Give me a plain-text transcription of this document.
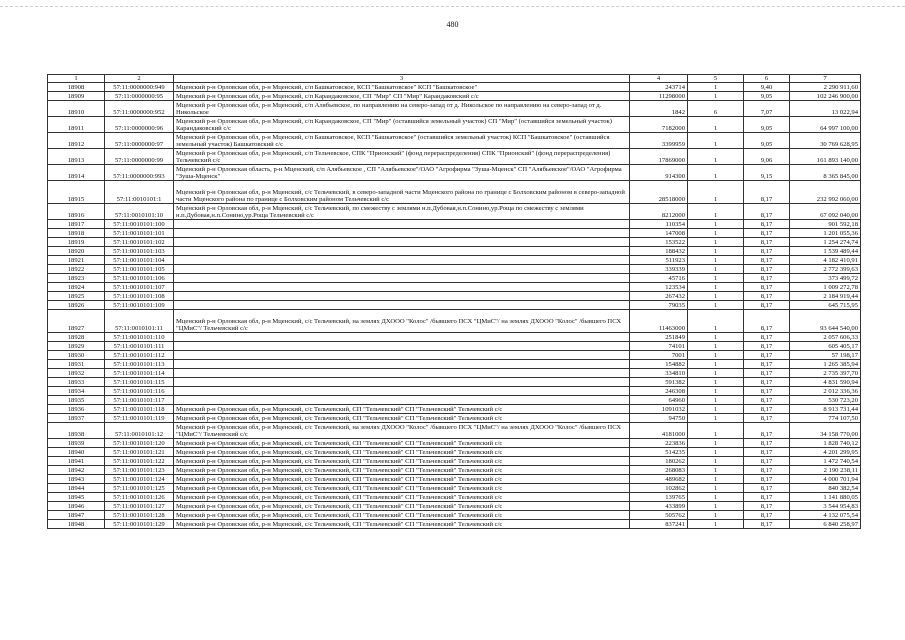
480
1	2	3	4	5	6	7
18908	57:11:0000000:949	Мценский р-н Орловская обл, р-н Мценский, с/п Башкатовское, КСП "Башкатовское" КСП "Башкатовское"	243714	1	9,40	2 290 911,60
18909	57:11:0000000:95	Мценский р-н Орловская обл, р-н Мценский, с/п Карандаковское, СП "Мир" СП "Мир" Карандаковский с/с	11298000	1	9,05	102 246 900,00
18910	57:11:0000000:952	Мценский р-н Орловская обл, р-н Мценский, с/п Алябьевское, по направлению на северо-запад от д. Никольское по направлению на северо-запад от д. Никольское	1842	6	7,07	13 022,94
18911	57:11:0000000:96	Мценский р-н Орловская обл, р-н Мценский, с/п Карандаковское, СП "Мир" (оставшийся земельный участок) СП "Мир" (оставшийся земельный участок) Карандаковский с/с	7182000	1	9,05	64 997 100,00
18912	57:11:0000000:97	Мценский р-н Орловская обл, р-н Мценский, с/п Башкатовское, КСП "Башкатовское" (оставшийся земельный участок) КСП "Башкатовское" (оставшийся земельный участок) Башкатовский с/с	3399959	1	9,05	30 769 628,95
18913	57:11:0000000:99	Мценский р-н Орловская обл, р-н Мценский, с/п Тельчевское, СПК "Прионский" (фонд перераспределения) СПК "Прионский" (фонд перераспределения) Тельчевский с/с	17869000	1	9,06	161 893 140,00
18914	57:11:0000000:993	Мценский р-н Орловская область, р-н Мценский, с/п Алябьевское , СП "Алябьевское"/ОАО "Агрофирма "Зуша-Мценск" СП "Алябьевское"/ОАО "Агрофирма "Зуша-Мценск"	914300	1	9,15	8 365 845,00
18915	57:11:0010101:1	Мценский р-н Орловская обл, р-н Мценский, с/с Тельчевский, в северо-западной части Мценского района по границе с Болховским районом в северо-западной части Мценского района по границе с Болховским районом Тельчевский с/с	28518000	1	8,17	232 992 060,00
18916	57:11:0010101:10	Мценский р-н Орловская обл, р-н Мценский, с/с Тельчевский, по смежеству с землями н.п.Дубовая,н.п.Сонино,ур.Роща по смежеству с землями н.п.Дубовая,н.п.Сонино,ур.Роща Тельчевский с/с	8212000	1	8,17	67 092 040,00
18917	57:11:0010101:100		110354	1	8,17	901 592,18
18918	57:11:0010101:101		147008	1	8,17	1 201 055,36
18919	57:11:0010101:102		153522	1	8,17	1 254 274,74
18920	57:11:0010101:103		188432	1	8,17	1 539 489,44
18921	57:11:0010101:104		511923	1	8,17	4 182 410,91
18922	57:11:0010101:105		339339	1	8,17	2 772 399,63
18923	57:11:0010101:106		45716	1	8,17	373 499,72
18924	57:11:0010101:107		123534	1	8,17	1 009 272,78
18925	57:11:0010101:108		267432	1	8,17	2 184 919,44
18926	57:11:0010101:109		79035	1	8,17	645 715,95
18927	57:11:0010101:11	Мценский р-н Орловская обл, р-н Мценский, с/с Тельчевский, на землях ДХООО "Колос" /бывшего ПСХ "ЦМиС"/ на землях ДХООО "Колос" /бывшего ПСХ "ЦМиС"/ Тельчевский с/с	11463000	1	8,17	93 644 540,00
18928	57:11:0010101:110		251849	1	8,17	2 057 606,33
18929	57:11:0010101:111		74101	1	8,17	605 405,17
18930	57:11:0010101:112		7001	1	8,17	57 198,17
18931	57:11:0010101:113		154882	1	8,17	1 265 385,94
18932	57:11:0010101:114		334810	1	8,17	2 735 397,70
18933	57:11:0010101:115		591382	1	8,17	4 831 590,94
18934	57:11:0010101:116		246308	1	8,17	2 012 336,36
18935	57:11:0010101:117		64960	1	8,17	530 723,20
18936	57:11:0010101:118	Мценский р-н Орловская обл, р-н Мценский, с/с Тельчевский, СП "Тельчевский" СП "Тельчевский" Тельчевский с/с	1091032	1	8,17	8 913 731,44
18937	57:11:0010101:119	Мценский р-н Орловская обл, р-н Мценский, с/с Тельчевский, СП "Тельчевский" СП "Тельчевский" Тельчевский с/с	94750	1	8,17	774 107,50
18938	57:11:0010101:12	Мценский р-н Орловская обл, р-н Мценский, с/с Тельчевский, на землях ДХООО "Колос" /бывшего ПСХ "ЦМиС"/ на землях ДХООО "Колос" /бывшего ПСХ "ЦМиС"/ Тельчевский с/с	4181000	1	8,17	34 158 770,00
18939	57:11:0010101:120	Мценский р-н Орловская обл, р-н Мценский, с/с Тельчевский, СП "Тельчевский" СП "Тельчевский" Тельчевский с/с	223836	1	8,17	1 828 740,12
18940	57:11:0010101:121	Мценский р-н Орловская обл, р-н Мценский, с/с Тельчевский, СП "Тельчевский" СП "Тельчевский" Тельчевский с/с	514235	1	8,17	4 201 299,95
18941	57:11:0010101:122	Мценский р-н Орловская обл, р-н Мценский, с/с Тельчевский, СП "Тельчевский" СП "Тельчевский" Тельчевский с/с	180262	1	8,17	1 472 740,54
18942	57:11:0010101:123	Мценский р-н Орловская обл, р-н Мценский, с/с Тельчевский, СП "Тельчевский" СП "Тельчевский" Тельчевский с/с	268083	1	8,17	2 190 238,11
18943	57:11:0010101:124	Мценский р-н Орловская обл, р-н Мценский, с/с Тельчевский, СП "Тельчевский" СП "Тельчевский" Тельчевский с/с	489682	1	8,17	4 000 701,94
18944	57:11:0010101:125	Мценский р-н Орловская обл, р-н Мценский, с/с Тельчевский, СП "Тельчевский" СП "Тельчевский" Тельчевский с/с	102862	1	8,17	840 382,54
18945	57:11:0010101:126	Мценский р-н Орловская обл, р-н Мценский, с/с Тельчевский, СП "Тельчевский" СП "Тельчевский" Тельчевский с/с	139765	1	8,17	1 141 880,05
18946	57:11:0010101:127	Мценский р-н Орловская обл, р-н Мценский, с/с Тельчевский, СП "Тельчевский" СП "Тельчевский" Тельчевский с/с	433899	1	8,17	3 544 954,83
18947	57:11:0010101:128	Мценский р-н Орловская обл, р-н Мценский, с/с Тельчевский, СП "Тельчевский" СП "Тельчевский" Тельчевский с/с	505762	1	8,17	4 132 075,54
18948	57:11:0010101:129	Мценский р-н Орловская обл, р-н Мценский, с/с Тельчевский, СП "Тельчевский" СП "Тельчевский" Тельчевский с/с	837241	1	8,17	6 840 258,97
